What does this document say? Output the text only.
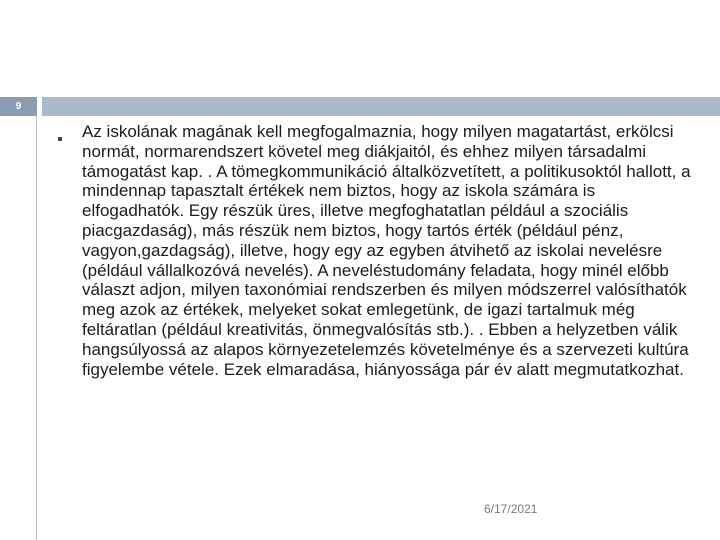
9
Az iskolának magának kell megfogalmaznia, hogy milyen magatartást, erkölcsi normát, normarendszert követel meg diákjaitól, és ehhez milyen társadalmi támogatást kap. . A tömegkommunikáció általközvetített, a politikusoktól hallott, a mindennap tapasztalt értékek nem biztos, hogy az iskola számára is elfogadhatók. Egy részük üres, illetve megfoghatatlan például a szociális piacgazdaság), más részük nem biztos, hogy tartós érték (például pénz, vagyon,gazdagság), illetve, hogy egy az egyben átvihető az iskolai nevelésre (például vállalkozóvá nevelés). A neveléstudomány feladata, hogy minél előbb választ adjon, milyen taxonómiai rendszerben és milyen módszerrel valósíthatók meg azok az értékek, melyeket sokat emlegetünk, de igazi tartalmuk még feltáratlan (például kreativitás, önmegvalósítás stb.). . Ebben a helyzetben válik hangsúlyossá az alapos környezetelemzés követelménye és a szervezeti kultúra figyelembe vétele. Ezek elmaradása, hiányossága pár év alatt megmutatkozhat.
6/17/2021
